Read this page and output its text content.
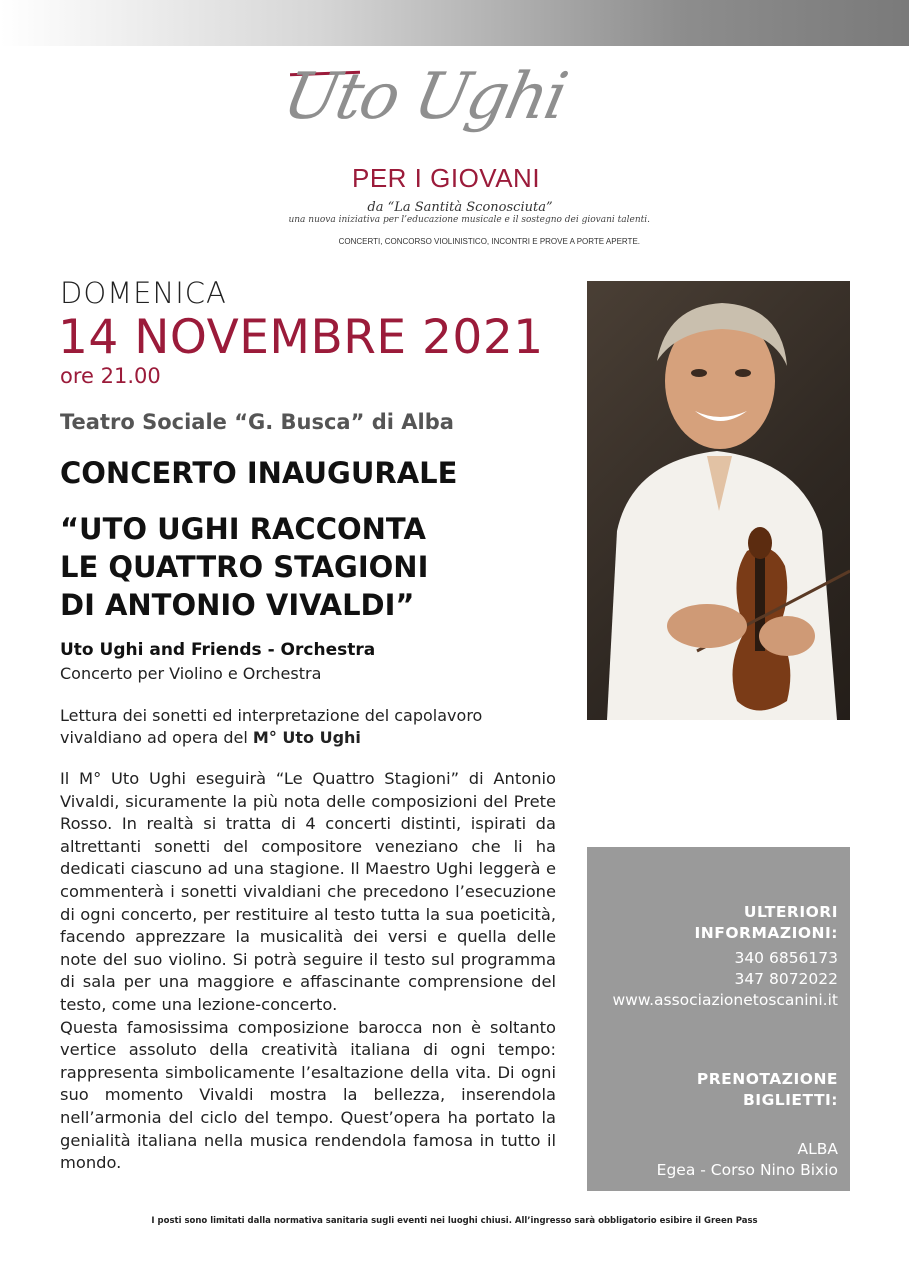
Uto Ughi
PER I GIOVANI
da “La Santità Sconosciuta”
una nuova iniziativa per l’educazione musicale e il sostegno dei giovani talenti.
CONCERTI, CONCORSO VIOLINISTICO, INCONTRI E PROVE A PORTE APERTE.
DOMENICA
14 NOVEMBRE 2021
ore 21.00
Teatro Sociale “G. Busca” di Alba
CONCERTO INAUGURALE
“UTO UGHI RACCONTA
LE QUATTRO STAGIONI
DI ANTONIO VIVALDI”
Uto Ughi and Friends - Orchestra
Concerto per Violino e Orchestra
Lettura dei sonetti ed interpretazione del capolavoro vivaldiano ad opera del M° Uto Ughi

Il M° Uto Ughi eseguirà “Le Quattro Stagioni” di Antonio Vivaldi, sicuramente la più nota delle composizioni del Prete Rosso. In realtà si tratta di 4 concerti distinti, ispirati da altrettanti sonetti del compositore veneziano che li ha dedicati ciascuno ad una stagione. Il Maestro Ughi leggerà e commenterà i sonetti vivaldiani che precedono l’esecuzione di ogni concerto, per restituire al testo tutta la sua poeticità, facendo apprezzare la musicalità dei versi e quella delle note del suo violino. Si potrà seguire il testo sul programma di sala per una maggiore e affascinante comprensione del testo, come una lezione-concerto.

Questa famosissima composizione barocca non è soltanto vertice assoluto della creatività italiana di ogni tempo: rappresenta simbolicamente l’esaltazione della vita. Di ogni suo momento Vivaldi mostra la bellezza, inserendola nell’armonia del ciclo del tempo. Quest’opera ha portato la genialità italiana nella musica rendendola famosa in tutto il mondo.

ULTERIORI
INFORMAZIONI:
340 6856173
347 8072022
www.associazionetoscanini.it
PRENOTAZIONE
BIGLIETTI:
ALBA
Egea - Corso Nino Bixio
I posti sono limitati dalla normativa sanitaria sugli eventi nei luoghi chiusi. All’ingresso sarà obbligatorio esibire il Green Pass
